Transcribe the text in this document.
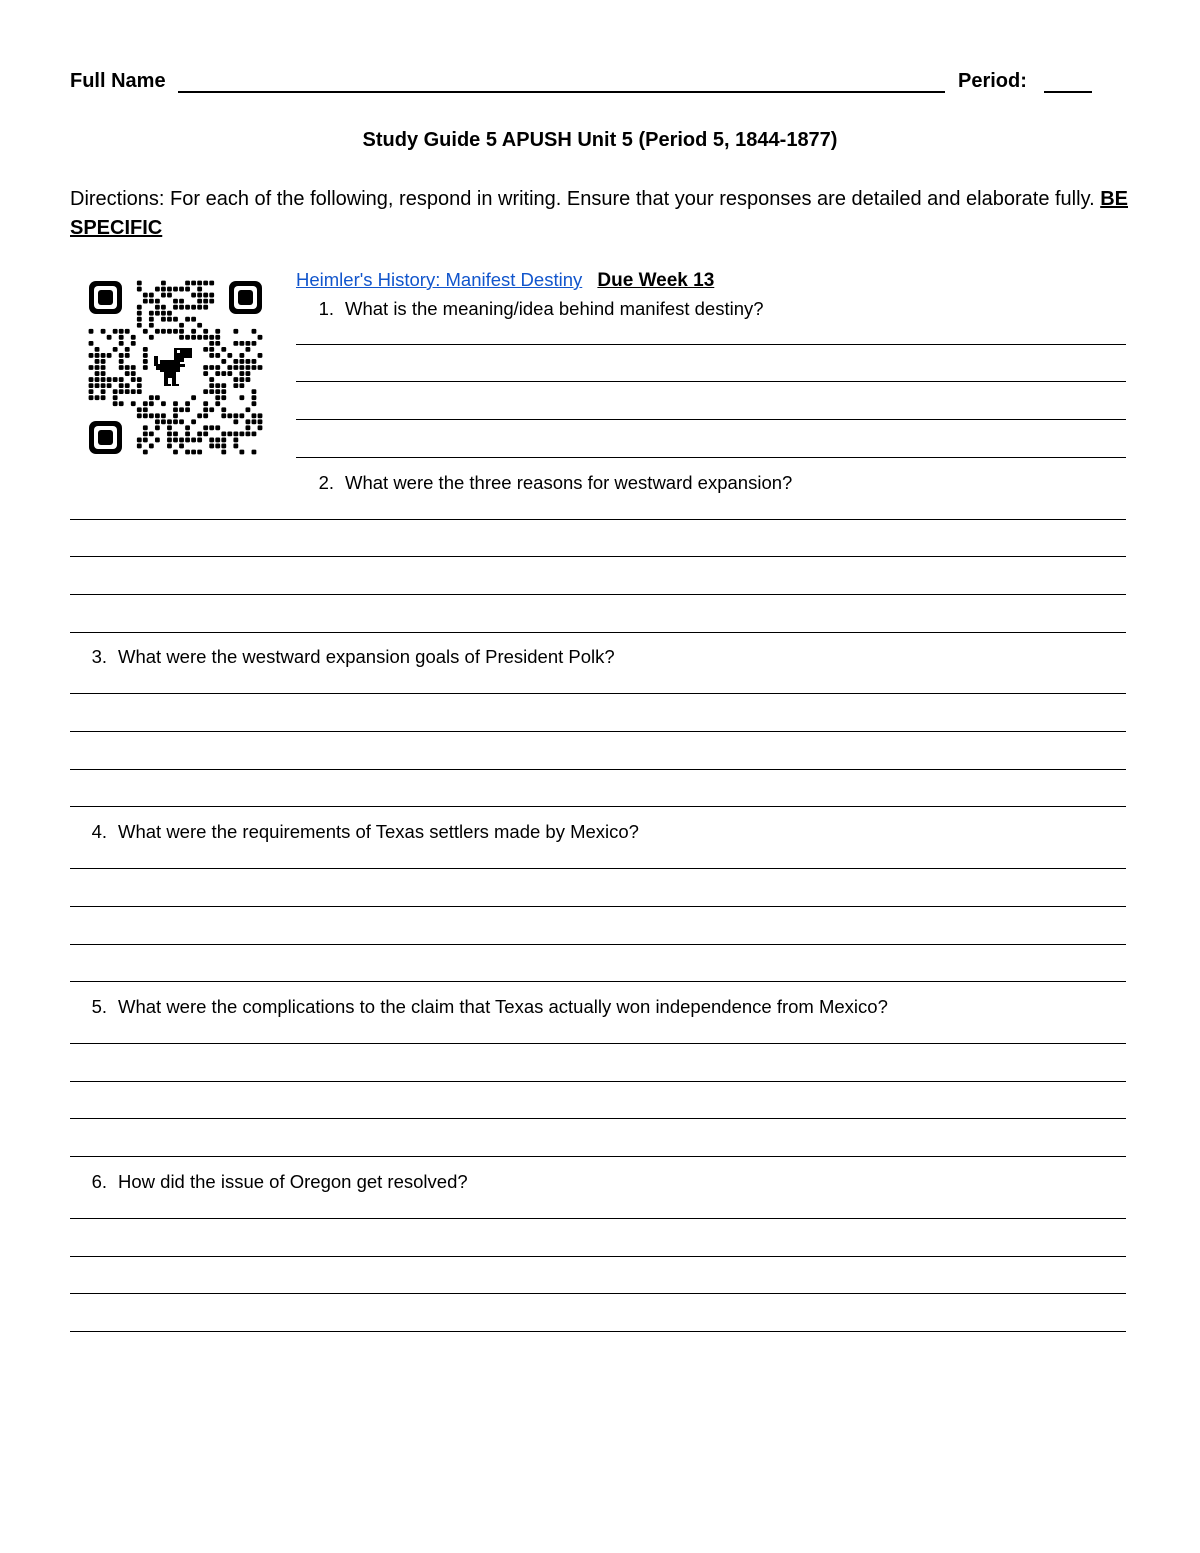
Full Name	Period:
Study Guide 5 APUSH Unit 5 (Period 5, 1844-1877)
Directions: For each of the following, respond in writing. Ensure that your responses are detailed and elaborate fully. BE SPECIFIC
Heimler's History: Manifest Destiny Due Week 13
1. What is the meaning/idea behind manifest destiny?
2. What were the three reasons for westward expansion?
3. What were the westward expansion goals of President Polk?
4. What were the requirements of Texas settlers made by Mexico?
5. What were the complications to the claim that Texas actually won independence from Mexico?
6. How did the issue of Oregon get resolved?
